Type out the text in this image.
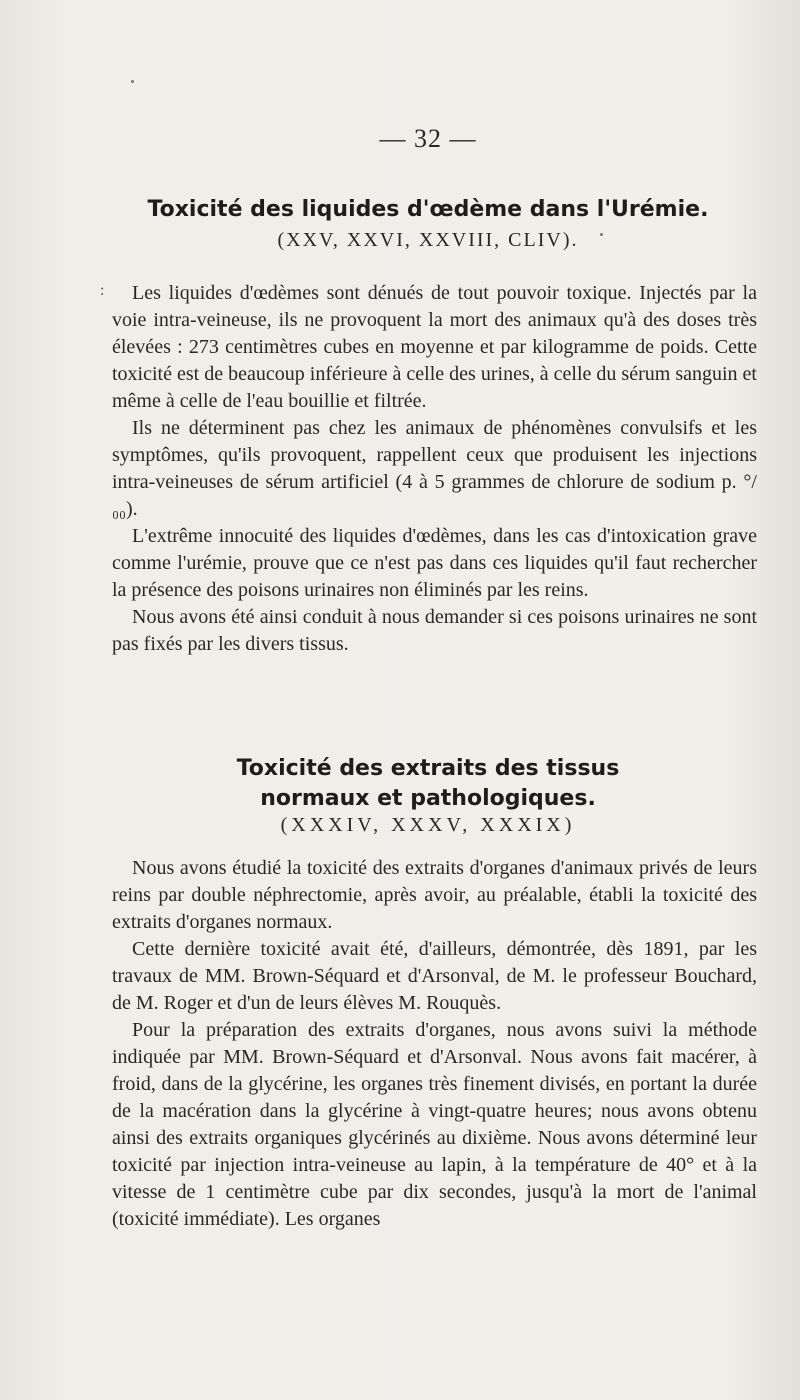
— 32 —
Toxicité des liquides d'œdème dans l'Urémie.
(XXV, XXVI, XXVIII, CLIV).
:	Les liquides d'œdèmes sont dénués de tout pouvoir toxique. Injectés par la voie intra-veineuse, ils ne provoquent la mort des animaux qu'à des doses très élevées : 273 centimètres cubes en moyenne et par kilogramme de poids. Cette toxicité est de beaucoup inférieure à celle des urines, à celle du sérum sanguin et même à celle de l'eau bouillie et filtrée.

Ils ne déterminent pas chez les animaux de phénomènes convulsifs et les symptômes, qu'ils provoquent, rappellent ceux que produisent les injections intra-veineuses de sérum artificiel (4 à 5 grammes de chlorure de sodium p. °/₀₀).

L'extrême innocuité des liquides d'œdèmes, dans les cas d'intoxication grave comme l'urémie, prouve que ce n'est pas dans ces liquides qu'il faut rechercher la présence des poisons urinaires non éliminés par les reins.

Nous avons été ainsi conduit à nous demander si ces poisons urinaires ne sont pas fixés par les divers tissus.

Toxicité des extraits des tissus
normaux et pathologiques.
(XXXIV, XXXV, XXXIX)

Nous avons étudié la toxicité des extraits d'organes d'animaux privés de leurs reins par double néphrectomie, après avoir, au préalable, établi la toxicité des extraits d'organes normaux.

Cette dernière toxicité avait été, d'ailleurs, démontrée, dès 1891, par les travaux de MM. Brown-Séquard et d'Arsonval, de M. le professeur Bouchard, de M. Roger et d'un de leurs élèves M. Rouquès.

Pour la préparation des extraits d'organes, nous avons suivi la méthode indiquée par MM. Brown-Séquard et d'Arsonval. Nous avons fait macérer, à froid, dans de la glycérine, les organes très finement divisés, en portant la durée de la macération dans la glycérine à vingt-quatre heures; nous avons obtenu ainsi des extraits organiques glycérinés au dixième. Nous avons déterminé leur toxicité par injection intra-veineuse au lapin, à la température de 40° et à la vitesse de 1 centimètre cube par dix secondes, jusqu'à la mort de l'animal (toxicité immédiate). Les organes
